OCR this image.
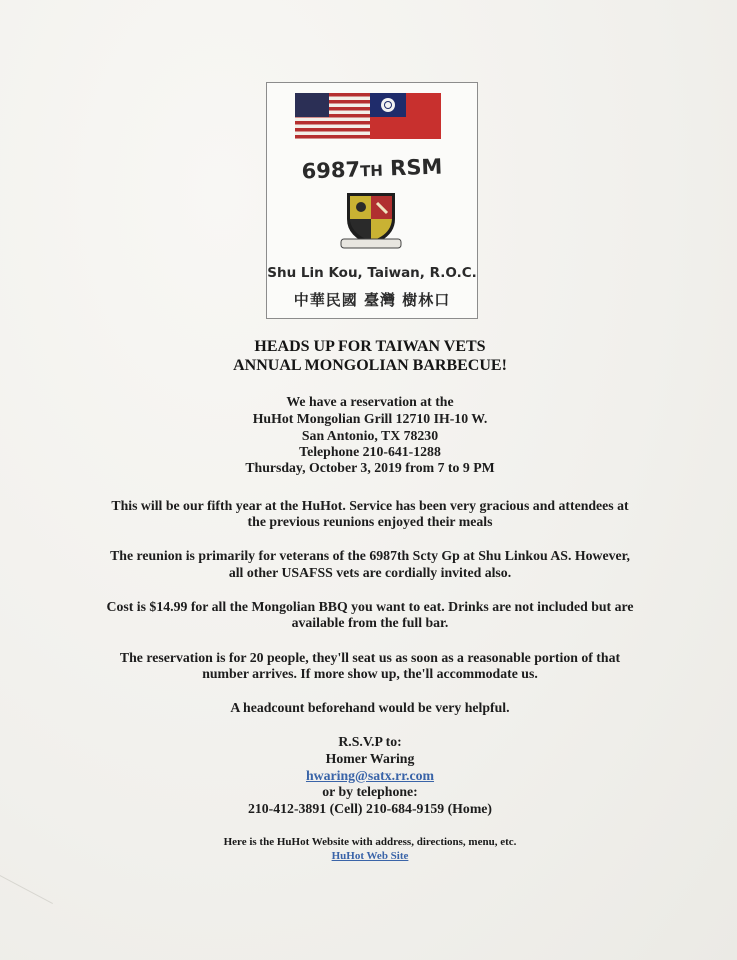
6987TH RSM
Shu Lin Kou, Taiwan, R.O.C.
中華民國 臺灣 樹林口
HEADS UP FOR TAIWAN VETS
ANNUAL MONGOLIAN BARBECUE!
We have a reservation at the
HuHot Mongolian Grill 12710 IH-10 W.
San Antonio, TX 78230
Telephone 210-641-1288
Thursday, October 3, 2019 from 7 to 9 PM
This will be our fifth year at the HuHot. Service has been very gracious and attendees at
the previous reunions enjoyed their meals
The reunion is primarily for veterans of the 6987th Scty Gp at Shu Linkou AS. However,
all other USAFSS vets are cordially invited also.
Cost is $14.99 for all the Mongolian BBQ you want to eat. Drinks are not included but are
available from the full bar.
The reservation is for 20 people, they'll seat us as soon as a reasonable portion of that
number arrives. If more show up, the'll accommodate us.
A headcount beforehand would be very helpful.
R.S.V.P to:
Homer Waring
hwaring@satx.rr.com
or by telephone:
210-412-3891 (Cell) 210-684-9159 (Home)
Here is the HuHot Website with address, directions, menu, etc.
HuHot Web Site
